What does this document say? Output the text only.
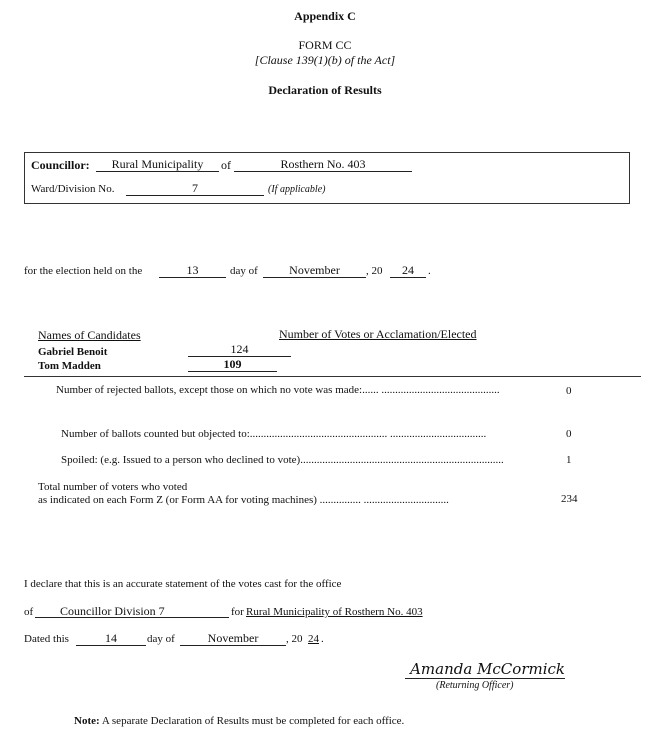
Appendix C
FORM CC
[Clause 139(1)(b) of the Act]
Declaration of Results
Councillor:	Rural Municipality	of	Rosthern No. 403
Ward/Division No.	7	(If applicable)
for the election held on the	13	day of	November	, 20	24	.
Names of Candidates	Number of Votes or Acclamation/Elected
Gabriel Benoit	124
Tom Madden	109
Number of rejected ballots, except those on which no vote was made:...... ...........................................	0
Number of ballots counted but objected to:.................................................. ...................................	0
Spoiled: (e.g. Issued to a person who declined to vote)..........................................................................	1
Total number of voters who voted
as indicated on each Form Z (or Form AA for voting machines) ............... ...............................	234
I declare that this is an accurate statement of the votes cast for the office
of	Councillor Division 7	for Rural Municipality of Rosthern No. 403
Dated this	14	day of	November	, 20 24 .
Amanda McCormick
(Returning Officer)
Note: A separate Declaration of Results must be completed for each office.
